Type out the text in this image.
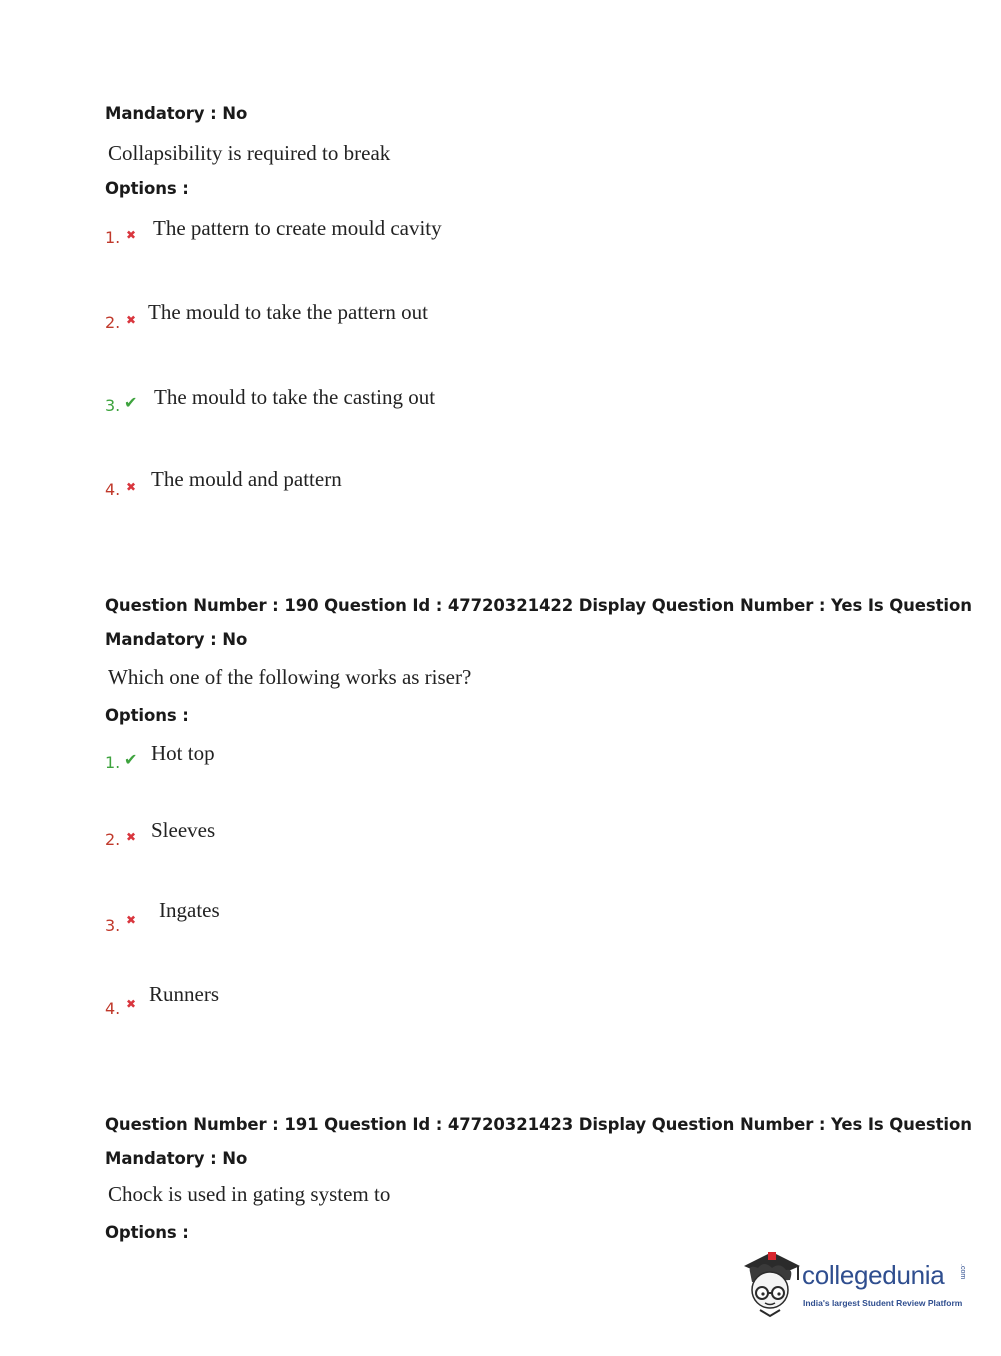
Mandatory : No
Collapsibility is required to break
Options :
1. ✖ The pattern to create mould cavity
2. ✖ The mould to take the pattern out
3. ✔ The mould to take the casting out
4. ✖ The mould and pattern
Question Number : 190 Question Id : 47720321422 Display Question Number : Yes Is Question
Mandatory : No
Which one of the following works as riser?
Options :
1. ✔ Hot top
2. ✖ Sleeves
3. ✖ Ingates
4. ✖ Runners
Question Number : 191 Question Id : 47720321423 Display Question Number : Yes Is Question
Mandatory : No
Chock is used in gating system to
Options :
collegedunia .com
India's largest Student Review Platform
